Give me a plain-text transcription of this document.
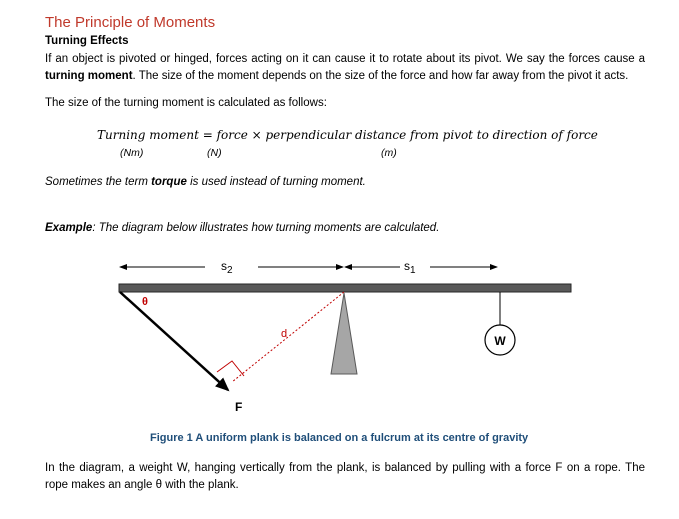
The Principle of Moments
Turning Effects
If an object is pivoted or hinged, forces acting on it can cause it to rotate about its pivot. We say the forces cause a turning moment. The size of the moment depends on the size of the force and how far away from the pivot it acts.
The size of the turning moment is calculated as follows:
Turning moment = force × perpendicular distance from pivot to direction of force
(Nm)	(N)	(m)
Sometimes the term torque is used instead of turning moment.
Example: The diagram below illustrates how turning moments are calculated.
$s_2$	$s_1$
W
θ
d
F
Figure 1 A uniform plank is balanced on a fulcrum at its centre of gravity
In the diagram, a weight W, hanging vertically from the plank, is balanced by pulling with a force F on a rope. The rope makes an angle θ with the plank.
